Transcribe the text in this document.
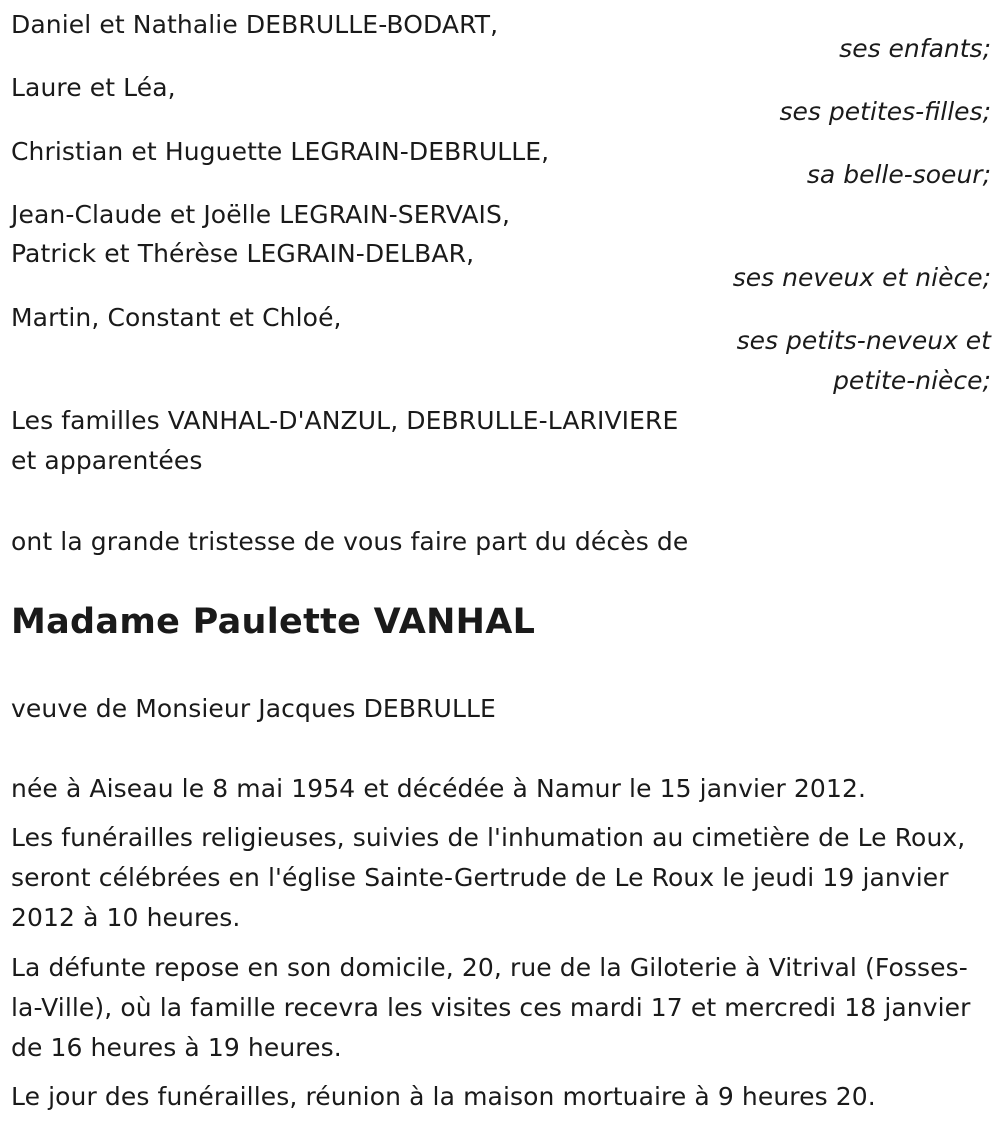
Daniel et Nathalie DEBRULLE-BODART,
ses enfants;
Laure et Léa,
ses petites-filles;
Christian et Huguette LEGRAIN-DEBRULLE,
sa belle-soeur;
Jean-Claude et Joëlle LEGRAIN-SERVAIS,
Patrick et Thérèse LEGRAIN-DELBAR,
ses neveux et nièce;
Martin, Constant et Chloé,
ses petits-neveux et
petite-nièce;
Les familles VANHAL-D'ANZUL, DEBRULLE-LARIVIERE
et apparentées
ont la grande tristesse de vous faire part du décès de
Madame Paulette VANHAL
veuve de Monsieur Jacques DEBRULLE
née à Aiseau le 8 mai 1954 et décédée à Namur le 15 janvier 2012.
Les funérailles religieuses, suivies de l'inhumation au cimetière de Le Roux, seront célébrées en l'église Sainte-Gertrude de Le Roux le jeudi 19 janvier 2012 à 10 heures.
La défunte repose en son domicile, 20, rue de la Giloterie à Vitrival (Fosses-la-Ville), où la famille recevra les visites ces mardi 17 et mercredi 18 janvier de 16 heures à 19 heures.
Le jour des funérailles, réunion à la maison mortuaire à 9 heures 20.
